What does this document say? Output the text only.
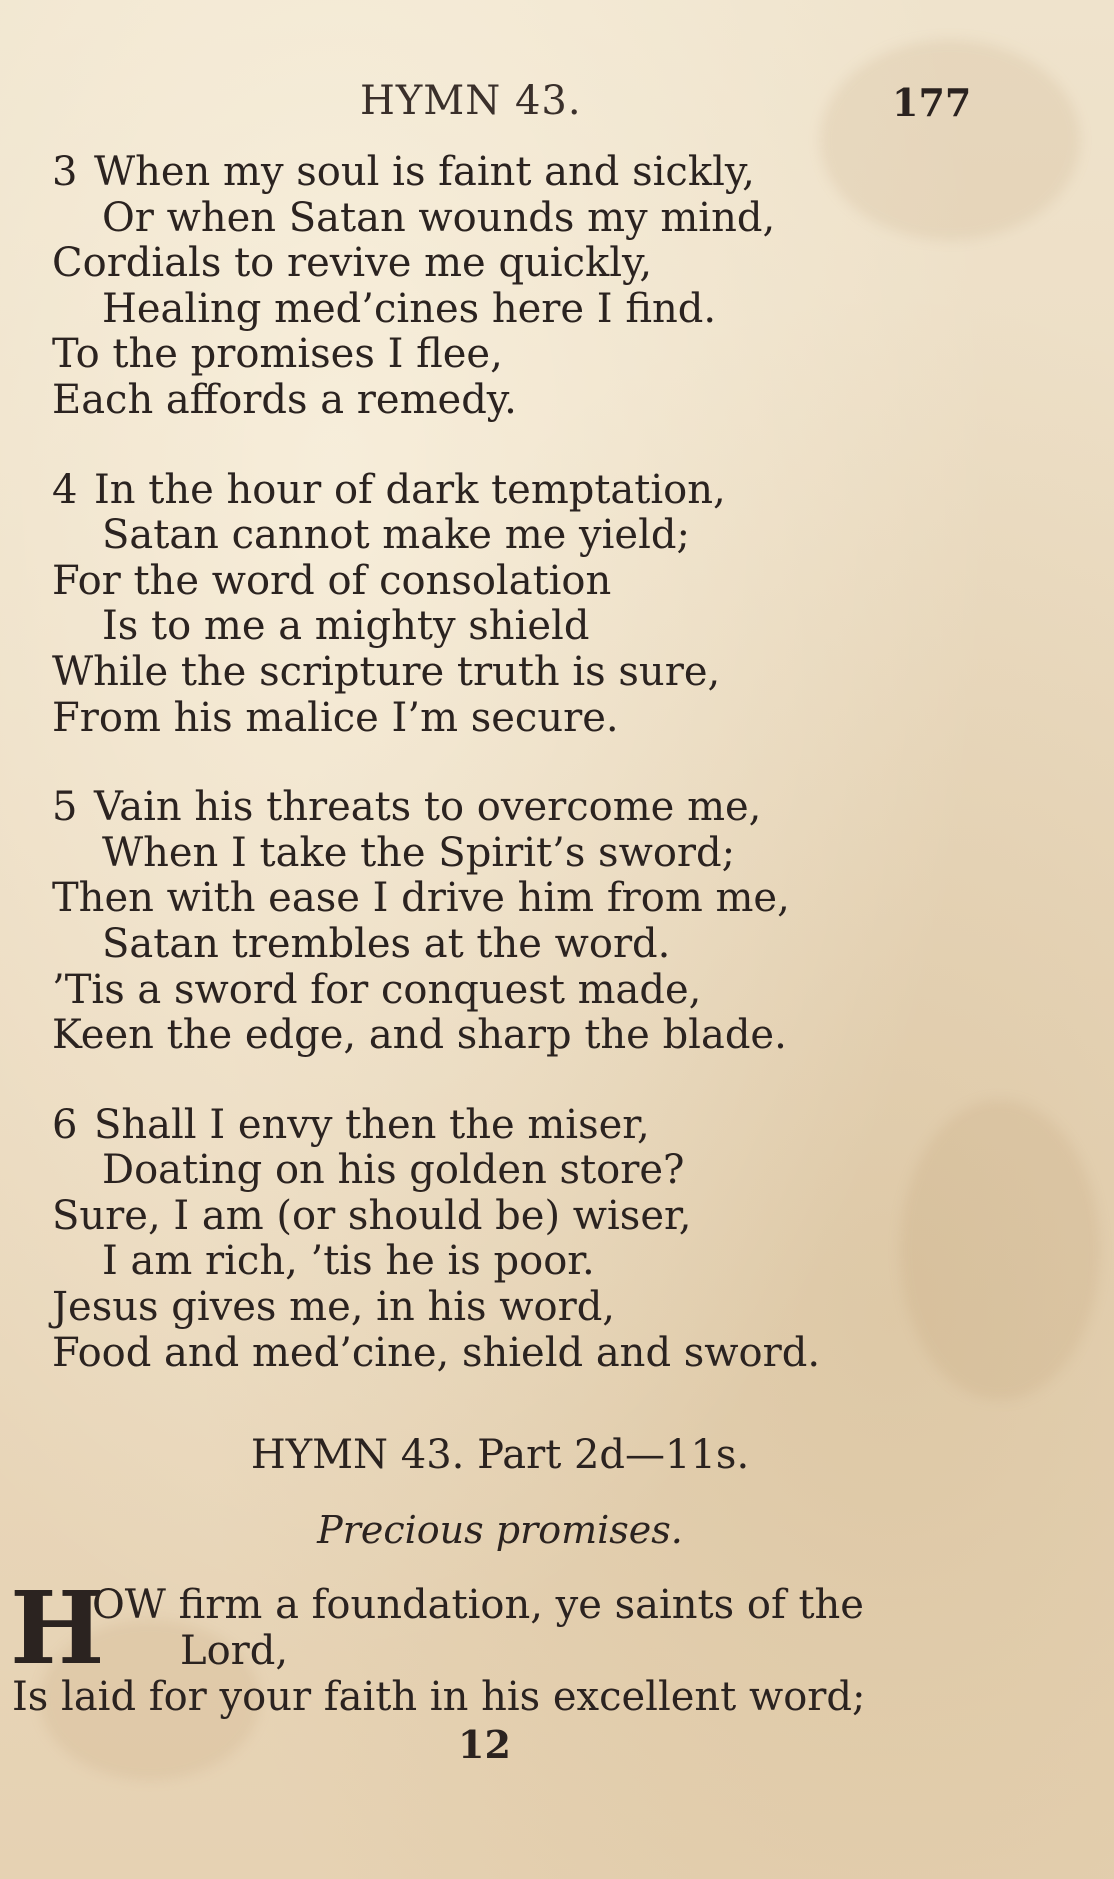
HYMN 43.	177
3 When my soul is faint and sickly,
Or when Satan wounds my mind,
Cordials to revive me quickly,
Healing med’cines here I find.
To the promises I flee,
Each affords a remedy.
4 In the hour of dark temptation,
Satan cannot make me yield;
For the word of consolation
Is to me a mighty shield
While the scripture truth is sure,
From his malice I’m secure.
5 Vain his threats to overcome me,
When I take the Spirit’s sword;
Then with ease I drive him from me,
Satan trembles at the word.
’Tis a sword for conquest made,
Keen the edge, and sharp the blade.
6 Shall I envy then the miser,
Doating on his golden store?
Sure, I am (or should be) wiser,
I am rich, ’tis he is poor.
Jesus gives me, in his word,
Food and med’cine, shield and sword.
HYMN 43. Part 2d—11s.
Precious promises.
H
OW firm a foundation, ye saints of the
Lord,
Is laid for your faith in his excellent word;
12
